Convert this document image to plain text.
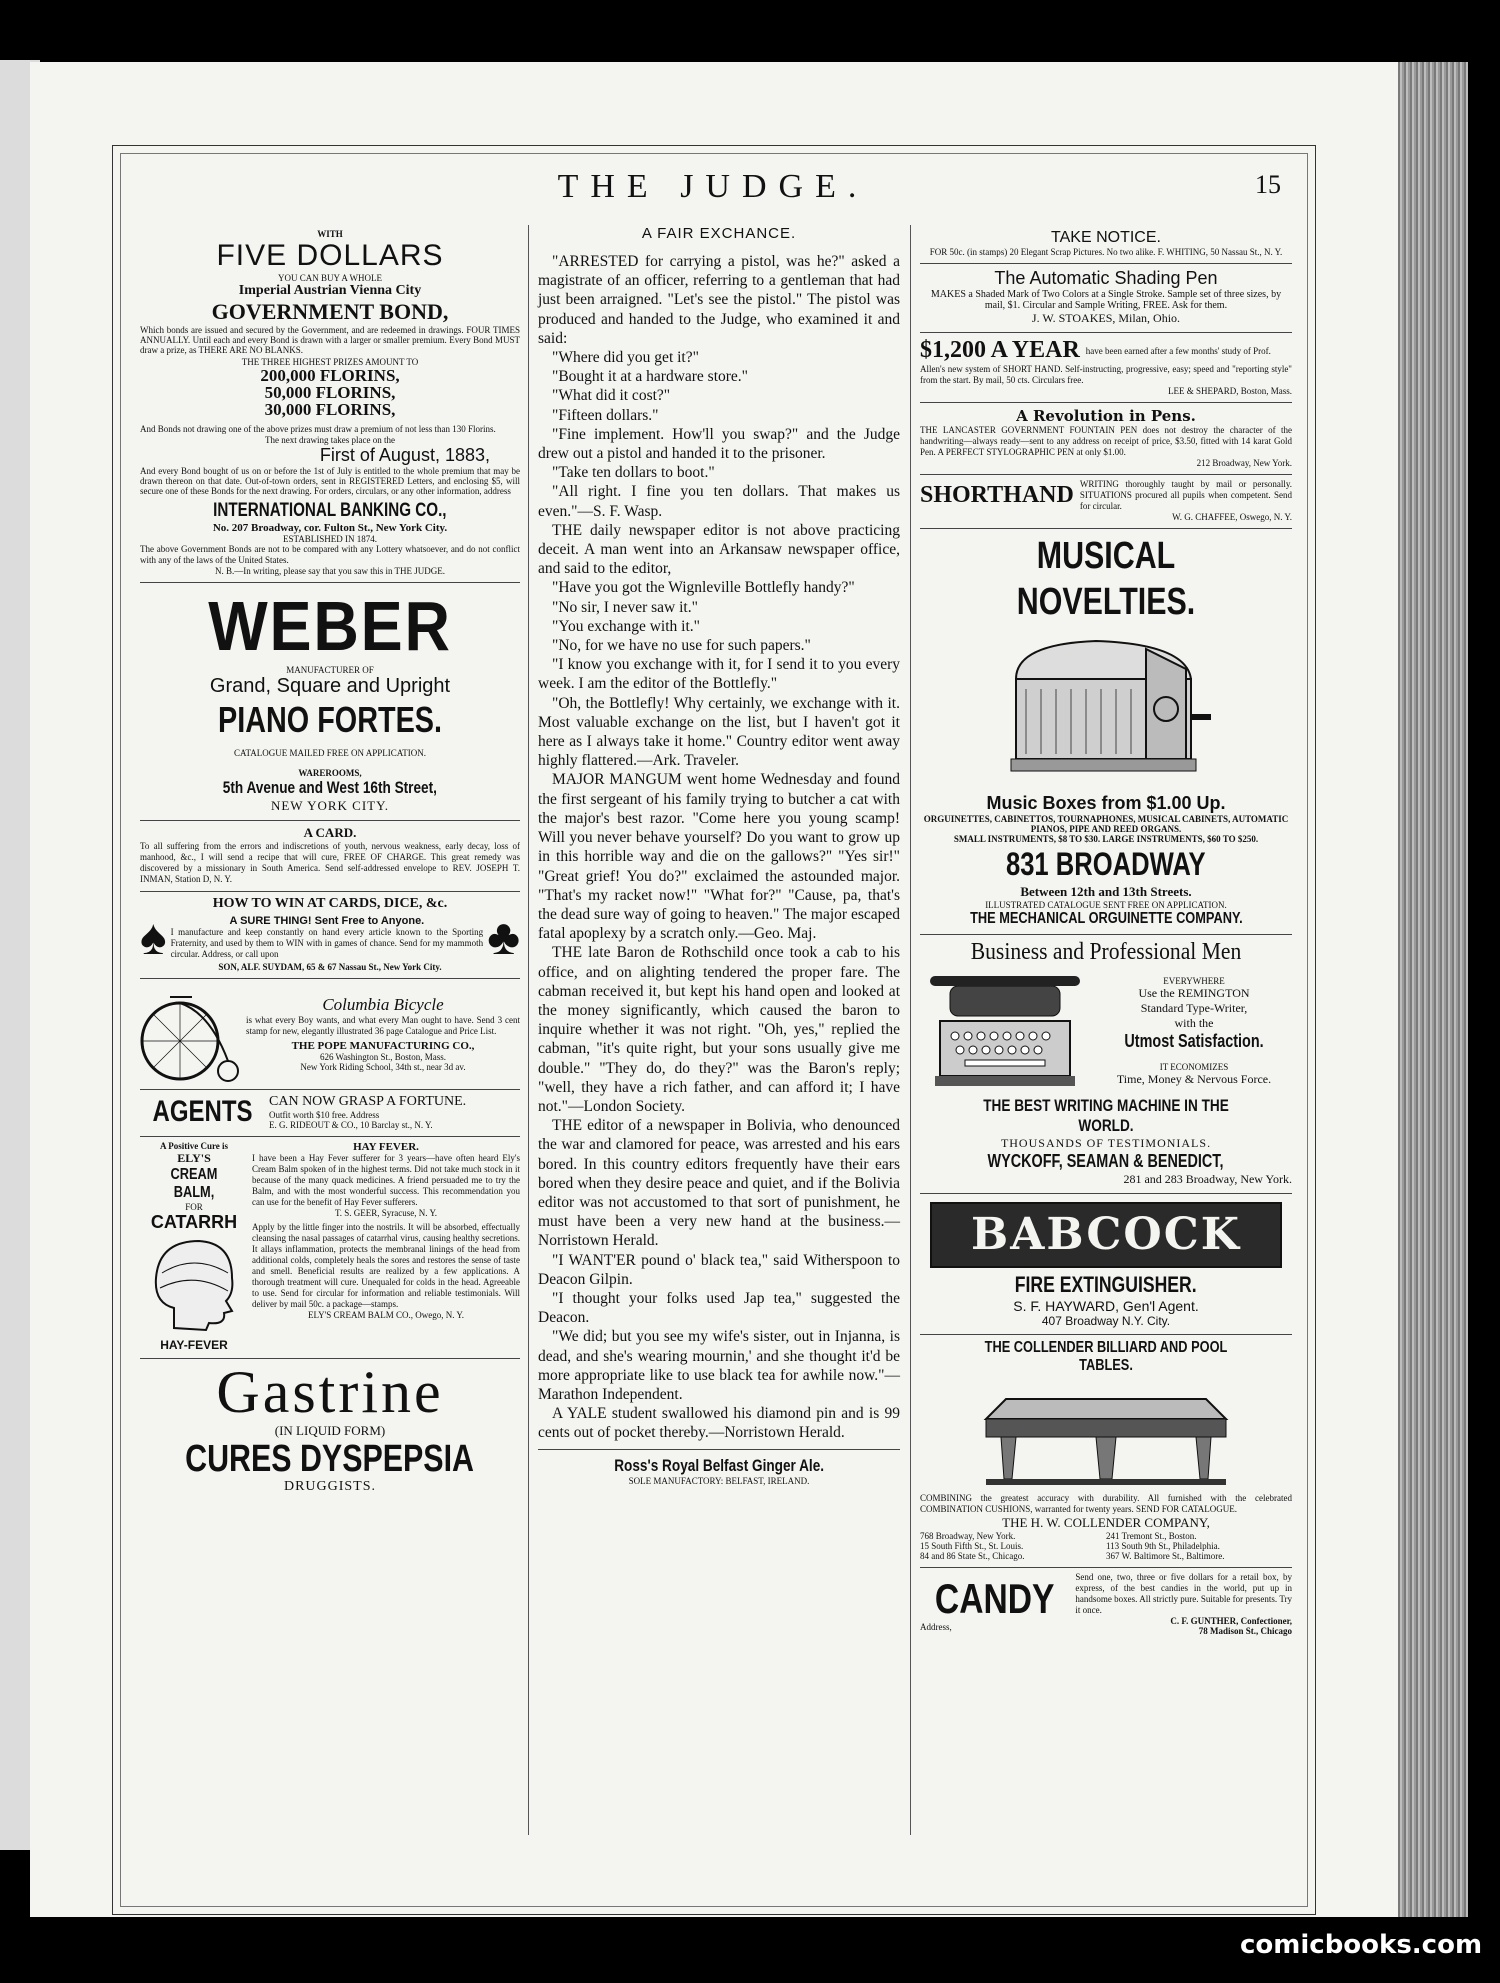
THE JUDGE.	15
WITH
FIVE DOLLARS
YOU CAN BUY A WHOLE
Imperial Austrian Vienna City
GOVERNMENT BOND,
Which bonds are issued and secured by the Government, and are redeemed in drawings. FOUR TIMES ANNUALLY. Until each and every Bond is drawn with a larger or smaller premium. Every Bond MUST draw a prize, as THERE ARE NO BLANKS.
THE THREE HIGHEST PRIZES AMOUNT TO
200,000 FLORINS,
50,000 FLORINS,
30,000 FLORINS,
And Bonds not drawing one of the above prizes must draw a premium of not less than 130 Florins.
The next drawing takes place on the
First of August, 1883,
And every Bond bought of us on or before the 1st of July is entitled to the whole premium that may be drawn thereon on that date. Out-of-town orders, sent in REGISTERED Letters, and enclosing $5, will secure one of these Bonds for the next drawing. For orders, circulars, or any other information, address
INTERNATIONAL BANKING CO.,
No. 207 Broadway, cor. Fulton St., New York City.
ESTABLISHED IN 1874.
The above Government Bonds are not to be compared with any Lottery whatsoever, and do not conflict with any of the laws of the United States.
N. B.—In writing, please say that you saw this in THE JUDGE.
WEBER
MANUFACTURER OF
Grand, Square and Upright
PIANO FORTES.
CATALOGUE MAILED FREE ON APPLICATION.
WAREROOMS,
5th Avenue and West 16th Street,
NEW YORK CITY.
A CARD.
To all suffering from the errors and indiscretions of youth, nervous weakness, early decay, loss of manhood, &c., I will send a recipe that will cure, FREE OF CHARGE. This great remedy was discovered by a missionary in South America. Send self-addressed envelope to REV. JOSEPH T. INMAN, Station D, N. Y.
HOW TO WIN AT CARDS, DICE, &c.
♠	A SURE THING! Sent Free to Anyone.
I manufacture and keep constantly on hand every article known to the Sporting Fraternity, and used by them to WIN with in games of chance. Send for my mammoth circular. Address, or call upon	♣
SON, ALF. SUYDAM, 65 & 67 Nassau St., New York City.
Columbia Bicycle
is what every Boy wants, and what every Man ought to have. Send 3 cent stamp for new, elegantly illustrated 36 page Catalogue and Price List.
THE POPE MANUFACTURING CO.,
626 Washington St., Boston, Mass.
New York Riding School, 34th st., near 3d av.
AGENTS CAN NOW GRASP A FORTUNE.
Outfit worth $10 free. Address
E. G. RIDEOUT & CO., 10 Barclay st., N. Y.
A Positive Cure is
ELY'S
CREAM BALM,
FOR
CATARRH
HAY-FEVER
HAY FEVER.
I have been a Hay Fever sufferer for 3 years—have often heard Ely's Cream Balm spoken of in the highest terms. Did not take much stock in it because of the many quack medicines. A friend persuaded me to try the Balm, and with the most wonderful success. This recommendation you can use for the benefit of Hay Fever sufferers.
T. S. GEER, Syracuse, N. Y.
Apply by the little finger into the nostrils. It will be absorbed, effectually cleansing the nasal passages of catarrhal virus, causing healthy secretions. It allays inflammation, protects the membranal linings of the head from additional colds, completely heals the sores and restores the sense of taste and smell. Beneficial results are realized by a few applications. A thorough treatment will cure. Unequaled for colds in the head. Agreeable to use. Send for circular for information and reliable testimonials. Will deliver by mail 50c. a package—stamps.
ELY'S CREAM BALM CO., Owego, N. Y.
Gastrine
(IN LIQUID FORM)
CURES DYSPEPSIA
DRUGGISTS.
A FAIR EXCHANCE.

"ARRESTED for carrying a pistol, was he?" asked a magistrate of an officer, referring to a gentleman that had just been arraigned. "Let's see the pistol." The pistol was produced and handed to the Judge, who examined it and said:

"Where did you get it?"

"Bought it at a hardware store."

"What did it cost?"

"Fifteen dollars."

"Fine implement. How'll you swap?" and the Judge drew out a pistol and handed it to the prisoner.

"Take ten dollars to boot."

"All right. I fine you ten dollars. That makes us even."—S. F. Wasp.

THE daily newspaper editor is not above practicing deceit. A man went into an Arkansaw newspaper office, and said to the editor,

"Have you got the Wignleville Bottlefly handy?"

"No sir, I never saw it."

"You exchange with it."

"No, for we have no use for such papers."

"I know you exchange with it, for I send it to you every week. I am the editor of the Bottlefly."

"Oh, the Bottlefly! Why certainly, we exchange with it. Most valuable exchange on the list, but I haven't got it here as I always take it home." Country editor went away highly flattered.—Ark. Traveler.

MAJOR MANGUM went home Wednesday and found the first sergeant of his family trying to butcher a cat with the major's best razor. "Come here you young scamp! Will you never behave yourself? Do you want to grow up in this horrible way and die on the gallows?" "Yes sir!" "Great grief! You do?" exclaimed the astounded major. "That's my racket now!" "What for?" "Cause, pa, that's the dead sure way of going to heaven." The major escaped fatal apoplexy by a scratch only.—Geo. Maj.

THE late Baron de Rothschild once took a cab to his office, and on alighting tendered the proper fare. The cabman received it, but kept his hand open and looked at the money significantly, which caused the baron to inquire whether it was not right. "Oh, yes," replied the cabman, "it's quite right, but your sons usually give me double." "They do, do they?" was the Baron's reply; "well, they have a rich father, and can afford it; I have not."—London Society.

THE editor of a newspaper in Bolivia, who denounced the war and clamored for peace, was arrested and his ears bored. In this country editors frequently have their ears bored when they desire peace and quiet, and if the Bolivia editor was not accustomed to that sort of punishment, he must have been a very new hand at the business.—Norristown Herald.

"I WANT'ER pound o' black tea," said Witherspoon to Deacon Gilpin.

"I thought your folks used Jap tea," suggested the Deacon.

"We did; but you see my wife's sister, out in Injanna, is dead, and she's wearing mournin,' and she thought it'd be more appropriate like to use black tea for awhile now."—Marathon Independent.

A YALE student swallowed his diamond pin and is 99 cents out of pocket thereby.—Norristown Herald.

Ross's Royal Belfast Ginger Ale.
SOLE MANUFACTORY: BELFAST, IRELAND.
TAKE NOTICE.
FOR 50c. (in stamps) 20 Elegant Scrap Pictures. No two alike. F. WHITING, 50 Nassau St., N. Y.
The Automatic Shading Pen
MAKES a Shaded Mark of Two Colors at a Single Stroke. Sample set of three sizes, by mail, $1. Circular and Sample Writing, FREE. Ask for them.
J. W. STOAKES, Milan, Ohio.
$1,200 A YEAR have been earned after a few months' study of Prof.
Allen's new system of SHORT HAND. Self-instructing, progressive, easy; speed and "reporting style" from the start. By mail, 50 cts. Circulars free.
LEE & SHEPARD, Boston, Mass.
A Revolution in Pens.
THE LANCASTER GOVERNMENT FOUNTAIN PEN does not destroy the character of the handwriting—always ready—sent to any address on receipt of price, $3.50, fitted with 14 karat Gold Pen. A PERFECT STYLOGRAPHIC PEN at only $1.00.
212 Broadway, New York.
SHORTHAND WRITING thoroughly taught by mail or personally. SITUATIONS procured all pupils when competent. Send for circular.
W. G. CHAFFEE, Oswego, N. Y.
MUSICAL NOVELTIES.
Music Boxes from $1.00 Up.
ORGUINETTES, CABINETTOS, TOURNAPHONES, MUSICAL CABINETS, AUTOMATIC PIANOS, PIPE AND REED ORGANS.
SMALL INSTRUMENTS, $8 TO $30. LARGE INSTRUMENTS, $60 TO $250.
831 BROADWAY
Between 12th and 13th Streets.
ILLUSTRATED CATALOGUE SENT FREE ON APPLICATION.
THE MECHANICAL ORGUINETTE COMPANY.
Business and Professional Men
EVERYWHERE
Use the REMINGTON
Standard Type-Writer,
with the
Utmost Satisfaction.
IT ECONOMIZES
Time, Money & Nervous Force.
THE BEST WRITING MACHINE IN THE WORLD.
THOUSANDS OF TESTIMONIALS.
WYCKOFF, SEAMAN & BENEDICT,
281 and 283 Broadway, New York.
BABCOCK
FIRE EXTINGUISHER.
S. F. HAYWARD, Gen'l Agent.
407 Broadway N.Y. City.
THE COLLENDER BILLIARD AND POOL TABLES.
COMBINING the greatest accuracy with durability. All furnished with the celebrated COMBINATION CUSHIONS, warranted for twenty years. SEND FOR CATALOGUE.
THE H. W. COLLENDER COMPANY,
768 Broadway, New York.	241 Tremont St., Boston.
15 South Fifth St., St. Louis.	113 South 9th St., Philadelphia.
84 and 86 State St., Chicago.	367 W. Baltimore St., Baltimore.
CANDY
Address,
Send one, two, three or five dollars for a retail box, by express, of the best candies in the world, put up in handsome boxes. All strictly pure. Suitable for presents. Try it once.
C. F. GUNTHER, Confectioner,
78 Madison St., Chicago
comicbooks.com
